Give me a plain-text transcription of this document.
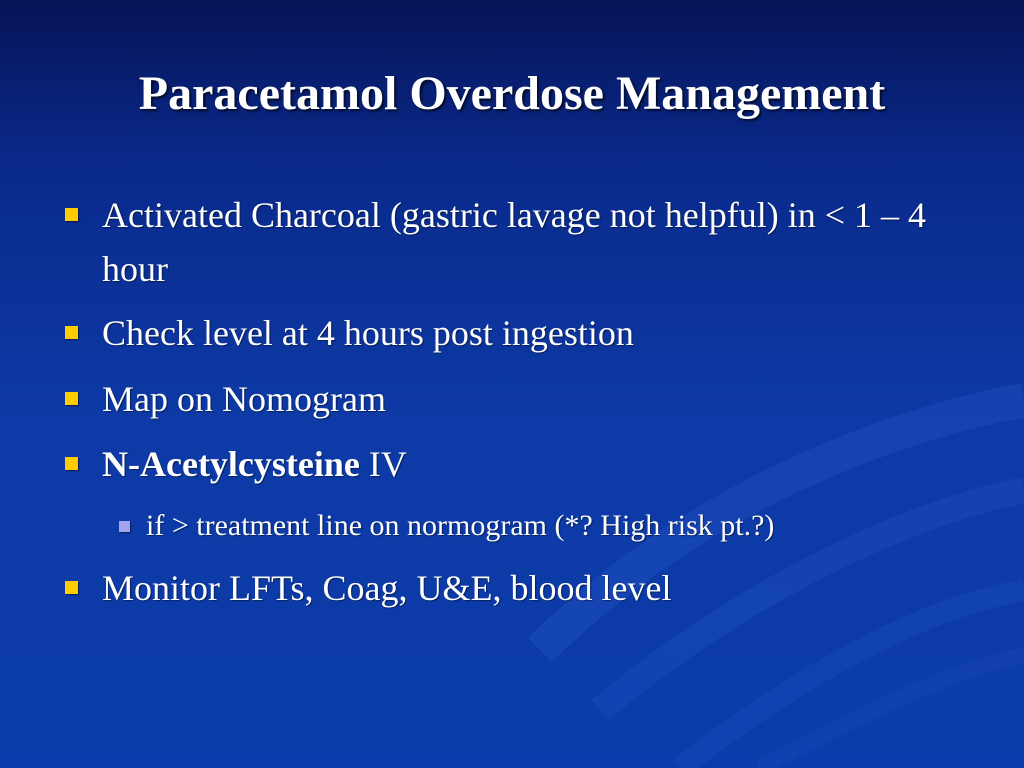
Paracetamol Overdose Management
Activated Charcoal (gastric lavage not helpful) in < 1 – 4 hour
Check level at 4 hours post ingestion
Map on Nomogram
N-Acetylcysteine IV
if > treatment line on normogram (*? High risk pt.?)
Monitor LFTs, Coag, U&E, blood level
